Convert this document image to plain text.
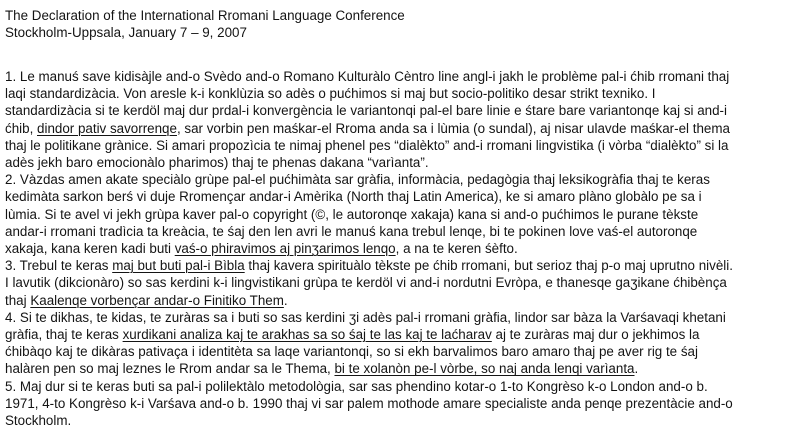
The Declaration of the International Rromani Language Conference
Stockholm-Uppsala, January 7 – 9, 2007

1. Le manuś save kidisàjle and-o Svèdo and-o Romano Kulturàlo Cèntro line angl-i jakh le problème pal-i ćhib rromani thaj

laqi standardizàcia. Von aresle k-i konklùzia so adès o pućhimos si maj but socio-politiko desar strikt texniko. I

standardizàcia si te kerdöl maj dur prdal-i konvergència le variantonqi pal-el bare linie e śtare bare variantonqe kaj si and-i

ćhib, dindor pativ savorrenqe, sar vorbin pen maśkar-el Rroma anda sa i lùmia (o sundal), aj nisar ulavde maśkar-el thema

thaj le politikane grànice. Si amari propozìcia te nimaj phenel pes “dialèkto” and-i rromani lingvistika (i vòrba “dialèkto” si la

adès jekh baro emocionàlo pharimos) thaj te phenas dakana “varìanta”.

2. Vàzdas amen akate speciàlo grùpe pal-el pućhimàta sar gràfia, informàcia, pedagògia thaj leksikogràfia thaj te keras

kedimàta sarkon berś vi duje Rromençar andar-i Amèrika (North thaj Latin America), ke si amaro plàno globàlo pe sa i

lùmia. Si te avel vi jekh grùpa kaver pal-o copyright (©, le autoronqe xakaja) kana si and-o pućhimos le purane tèkste

andar-i rromani tradìcia ta kreàcia, te śaj den len avri le manuś kana trebul lenqe, bi te pokinen love vaś-el autoronqe

xakaja, kana keren kadi buti vaś-o phiravimos aj pinʒarimos lenqo, a na te keren śèfto.

3. Trebul te keras maj but buti pal-i Bìbla thaj kavera spirituàlo tèkste pe ćhib rromani, but serioz thaj p-o maj uprutno nivèli.

I lavutik (dikcionàro) so sas kerdini k-i lingvistikani grùpa te kerdöl vi and-i nordutni Evròpa, e thanesqe gaʒikane ćhibènça

thaj Kaalenqe vorbençar andar-o Finitiko Them.

4. Si te dikhas, te kidas, te zuràras sa i buti so sas kerdini ʒi adès pal-i rromani gràfia, lindor sar bàza la Varśavaqi khetani

gràfia, thaj te keras xurdikani analiza kaj te arakhas sa so śaj te las kaj te laćharav aj te zuràras maj dur o jekhimos la

ćhibàqo kaj te dikàras pativaça i identitèta sa laqe variantonqi, so si ekh barvalimos baro amaro thaj pe aver rig te śaj

halàren pen so maj leznes le Rrom andar sa le Thema, bi te xolanòn pe-l vòrbe, so naj anda lenqi varìanta.

5. Maj dur si te keras buti sa pal-i polilektàlo metodològia, sar sas phendino kotar-o 1-to Kongrèso k-o London and-o b.

1971, 4-to Kongrèso k-i Varśava and-o b. 1990 thaj vi sar palem mothode amare specialiste anda penqe prezentàcie and-o

Stockholm.
